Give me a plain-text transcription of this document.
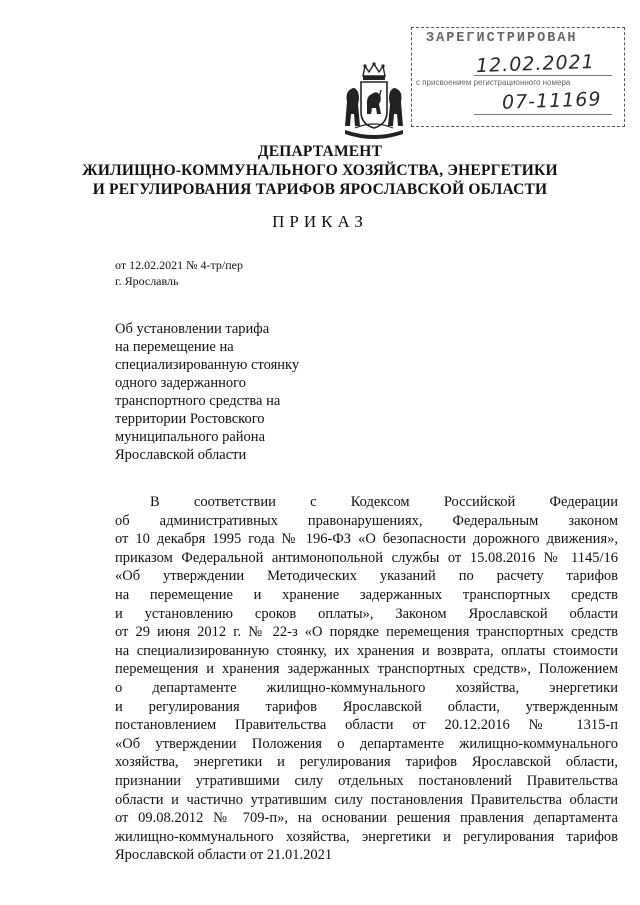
ЗАРЕГИСТРИРОВАН
12.02.2021
с присвоением регистрационного номера
07-11169
ДЕПАРТАМЕНТ
ЖИЛИЩНО-КОММУНАЛЬНОГО ХОЗЯЙСТВА, ЭНЕРГЕТИКИ
И РЕГУЛИРОВАНИЯ ТАРИФОВ ЯРОСЛАВСКОЙ ОБЛАСТИ
ПРИКАЗ
от 12.02.2021 № 4-тр/пер
г. Ярославль
Об установлении тарифа
на перемещение на
специализированную стоянку
одного задержанного
транспортного средства на
территории Ростовского
муниципального района
Ярославской области
В соответствии с Кодексом Российской Федерации
об административных правонарушениях, Федеральным законом
от 10 декабря 1995 года № 196-ФЗ «О безопасности дорожного движения»,
приказом Федеральной антимонопольной службы от 15.08.2016 № 1145/16
«Об утверждении Методических указаний по расчету тарифов
на перемещение и хранение задержанных транспортных средств
и установлению сроков оплаты», Законом Ярославской области
от 29 июня 2012 г. № 22-з «О порядке перемещения транспортных средств
на специализированную стоянку, их хранения и возврата, оплаты стоимости
перемещения и хранения задержанных транспортных средств», Положением
о департаменте жилищно-коммунального хозяйства, энергетики
и регулирования тарифов Ярославской области, утвержденным
постановлением Правительства области от 20.12.2016 № 1315-п
«Об утверждении Положения о департаменте жилищно-коммунального
хозяйства, энергетики и регулирования тарифов Ярославской области,
признании утратившими силу отдельных постановлений Правительства
области и частично утратившим силу постановления Правительства области
от 09.08.2012 № 709-п», на основании решения правления департамента
жилищно-коммунального хозяйства, энергетики и регулирования тарифов
Ярославской области от 21.01.2021
